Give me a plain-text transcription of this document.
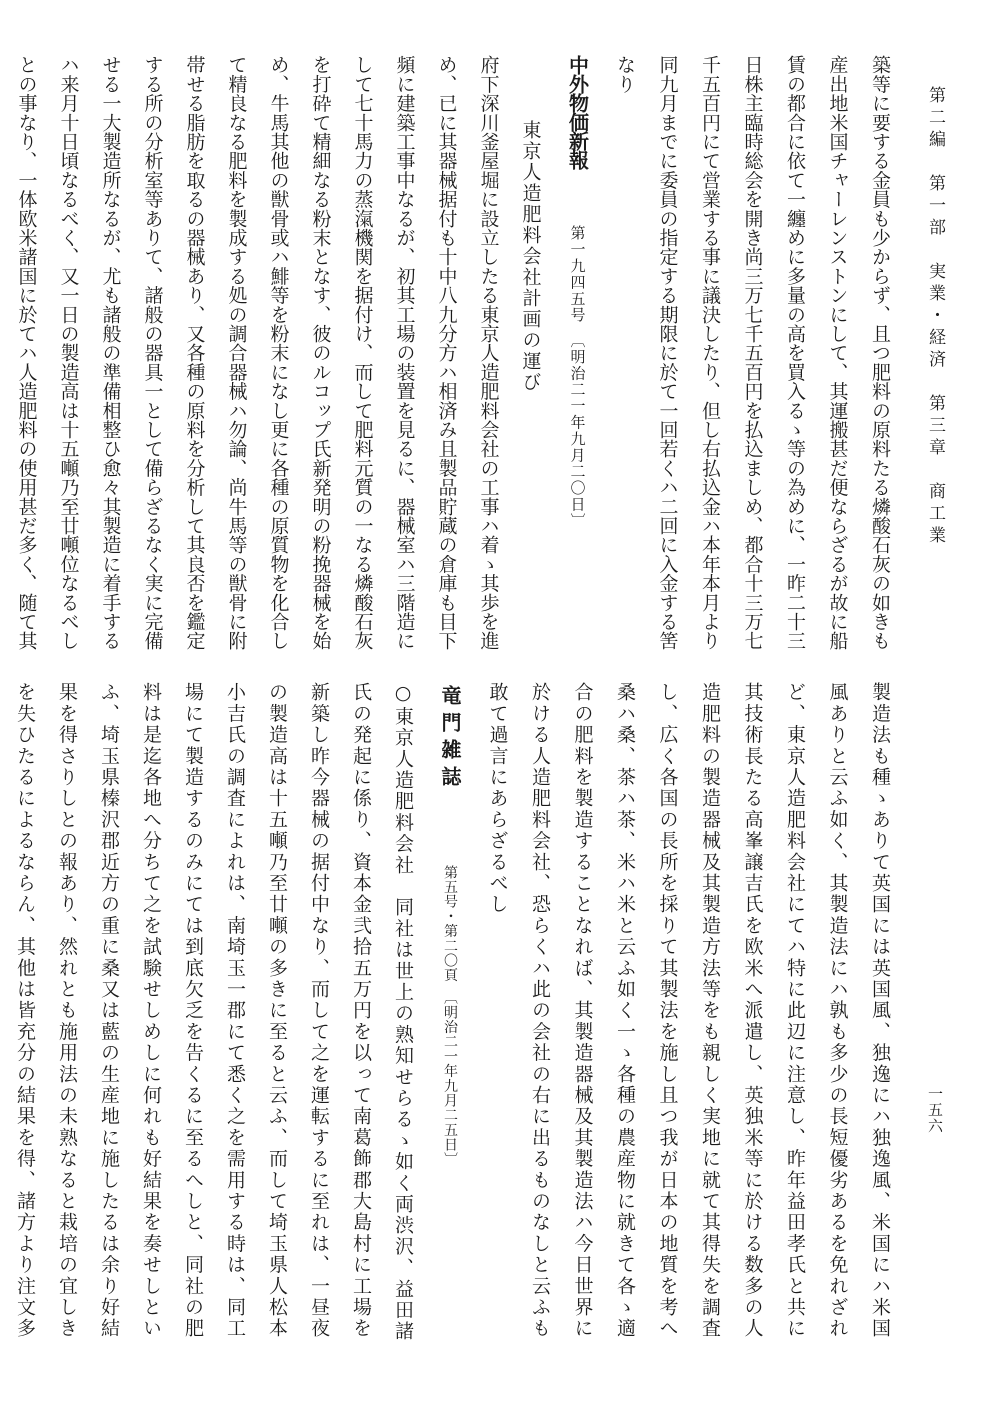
第二編　第一部　実業・経済　第三章　商工業
一五六
築等に要する金員も少からず、且つ肥料の原料たる燐酸石灰の如きも
産出地米国チャーレンストンにして、其運搬甚だ便ならざるが故に船
賃の都合に依て一纏めに多量の高を買入るゝ等の為めに、一昨二十三
日株主臨時総会を開き尚三万七千五百円を払込ましめ、都合十三万七
千五百円にて営業する事に議決したり、但し右払込金ハ本年本月より
同九月までに委員の指定する期限に於て一回若くハ二回に入金する筈
なり
中外物価新報第一九四五号　〔明治二一年九月二〇日〕
東京人造肥料会社計画の運び
府下深川釜屋堀に設立したる東京人造肥料会社の工事ハ着ゝ其歩を進
め、已に其器械据付も十中八九分方ハ相済み且製品貯蔵の倉庫も目下
頻に建築工事中なるが、初其工場の装置を見るに、器械室ハ三階造に
して七十馬力の蒸滊機関を据付け、而して肥料元質の一なる燐酸石灰
を打砕て精細なる粉末となす、彼のルコップ氏新発明の粉挽器械を始
め、牛馬其他の獣骨或ハ鯡等を粉末になし更に各種の原質物を化合し
て精良なる肥料を製成する処の調合器械ハ勿論、尚牛馬等の獣骨に附
帯せる脂肪を取るの器械あり、又各種の原料を分析して其良否を鑑定
する所の分析室等ありて、諸般の器具一として備らざるなく実に完備
せる一大製造所なるが、尤も諸般の準備相整ひ愈々其製造に着手する
ハ来月十日頃なるべく、又一日の製造高は十五噸乃至廿噸位なるべし
との事なり、一体欧米諸国に於てハ人造肥料の使用甚だ多く、随て其
製造法も種ゝありて英国には英国風、独逸にハ独逸風、米国にハ米国
風ありと云ふ如く、其製造法にハ孰も多少の長短優劣あるを免れざれ
ど、東京人造肥料会社にてハ特に此辺に注意し、昨年益田孝氏と共に
其技術長たる高峯譲吉氏を欧米へ派遣し、英独米等に於ける数多の人
造肥料の製造器械及其製造方法等をも親しく実地に就て其得失を調査
し、広く各国の長所を採りて其製法を施し且つ我が日本の地質を考へ
桑ハ桑、茶ハ茶、米ハ米と云ふ如く一ゝ各種の農産物に就きて各ゝ適
合の肥料を製造することなれば、其製造器械及其製造法ハ今日世界に
於ける人造肥料会社、恐らくハ此の会社の右に出るものなしと云ふも
敢て過言にあらざるべし
竜門雑誌第五号・第二〇頁　〔明治二一年九月二五日〕
○東京人造肥料会社　同社は世上の熟知せらるゝ如く両渋沢、益田諸
氏の発起に係り、資本金弐拾五万円を以って南葛飾郡大島村に工場を
新築し昨今器械の据付中なり、而して之を運転するに至れは、一昼夜
の製造高は十五噸乃至廿噸の多きに至ると云ふ、而して埼玉県人松本
小吉氏の調査によれは、南埼玉一郡にて悉く之を需用する時は、同工
場にて製造するのみにては到底欠乏を告くるに至るへしと、同社の肥
料は是迄各地へ分ちて之を試験せしめしに何れも好結果を奏せしとい
ふ、埼玉県榛沢郡近方の重に桑又は藍の生産地に施したるは余り好結
果を得さりしとの報あり、然れとも施用法の未熟なると栽培の宜しき
を失ひたるによるならん、其他は皆充分の結果を得、諸方より注文多
